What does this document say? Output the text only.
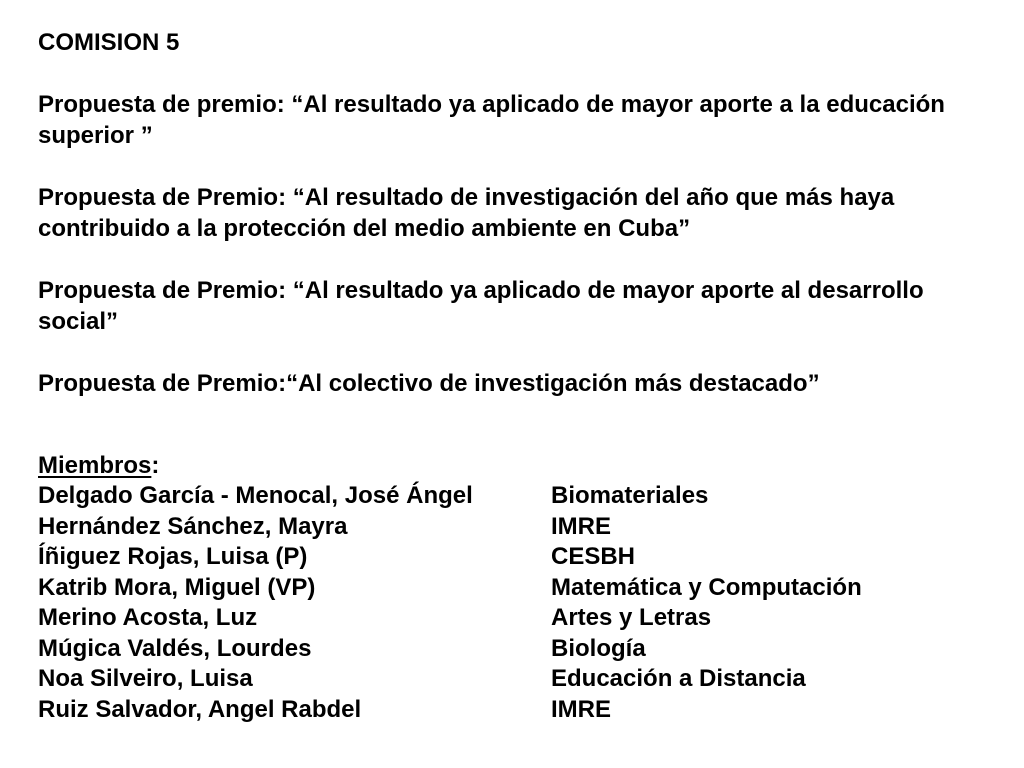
COMISION 5

Propuesta de premio: “Al resultado ya aplicado de mayor aporte a la educación superior ”

Propuesta de Premio: “Al resultado de investigación del año que más haya contribuido a la protección del medio ambiente en Cuba”

Propuesta de Premio: “Al resultado ya aplicado de mayor aporte al desarrollo social”

Propuesta de Premio:“Al colectivo de investigación más destacado”

Miembros:

Delgado García - Menocal, José Ángel	Biomateriales
Hernández Sánchez, Mayra	IMRE
Íñiguez Rojas, Luisa (P)	CESBH
Katrib Mora, Miguel (VP)	Matemática y Computación
Merino Acosta, Luz	Artes y Letras
Múgica Valdés, Lourdes	Biología
Noa Silveiro, Luisa	Educación a Distancia
Ruiz Salvador, Angel Rabdel	IMRE
